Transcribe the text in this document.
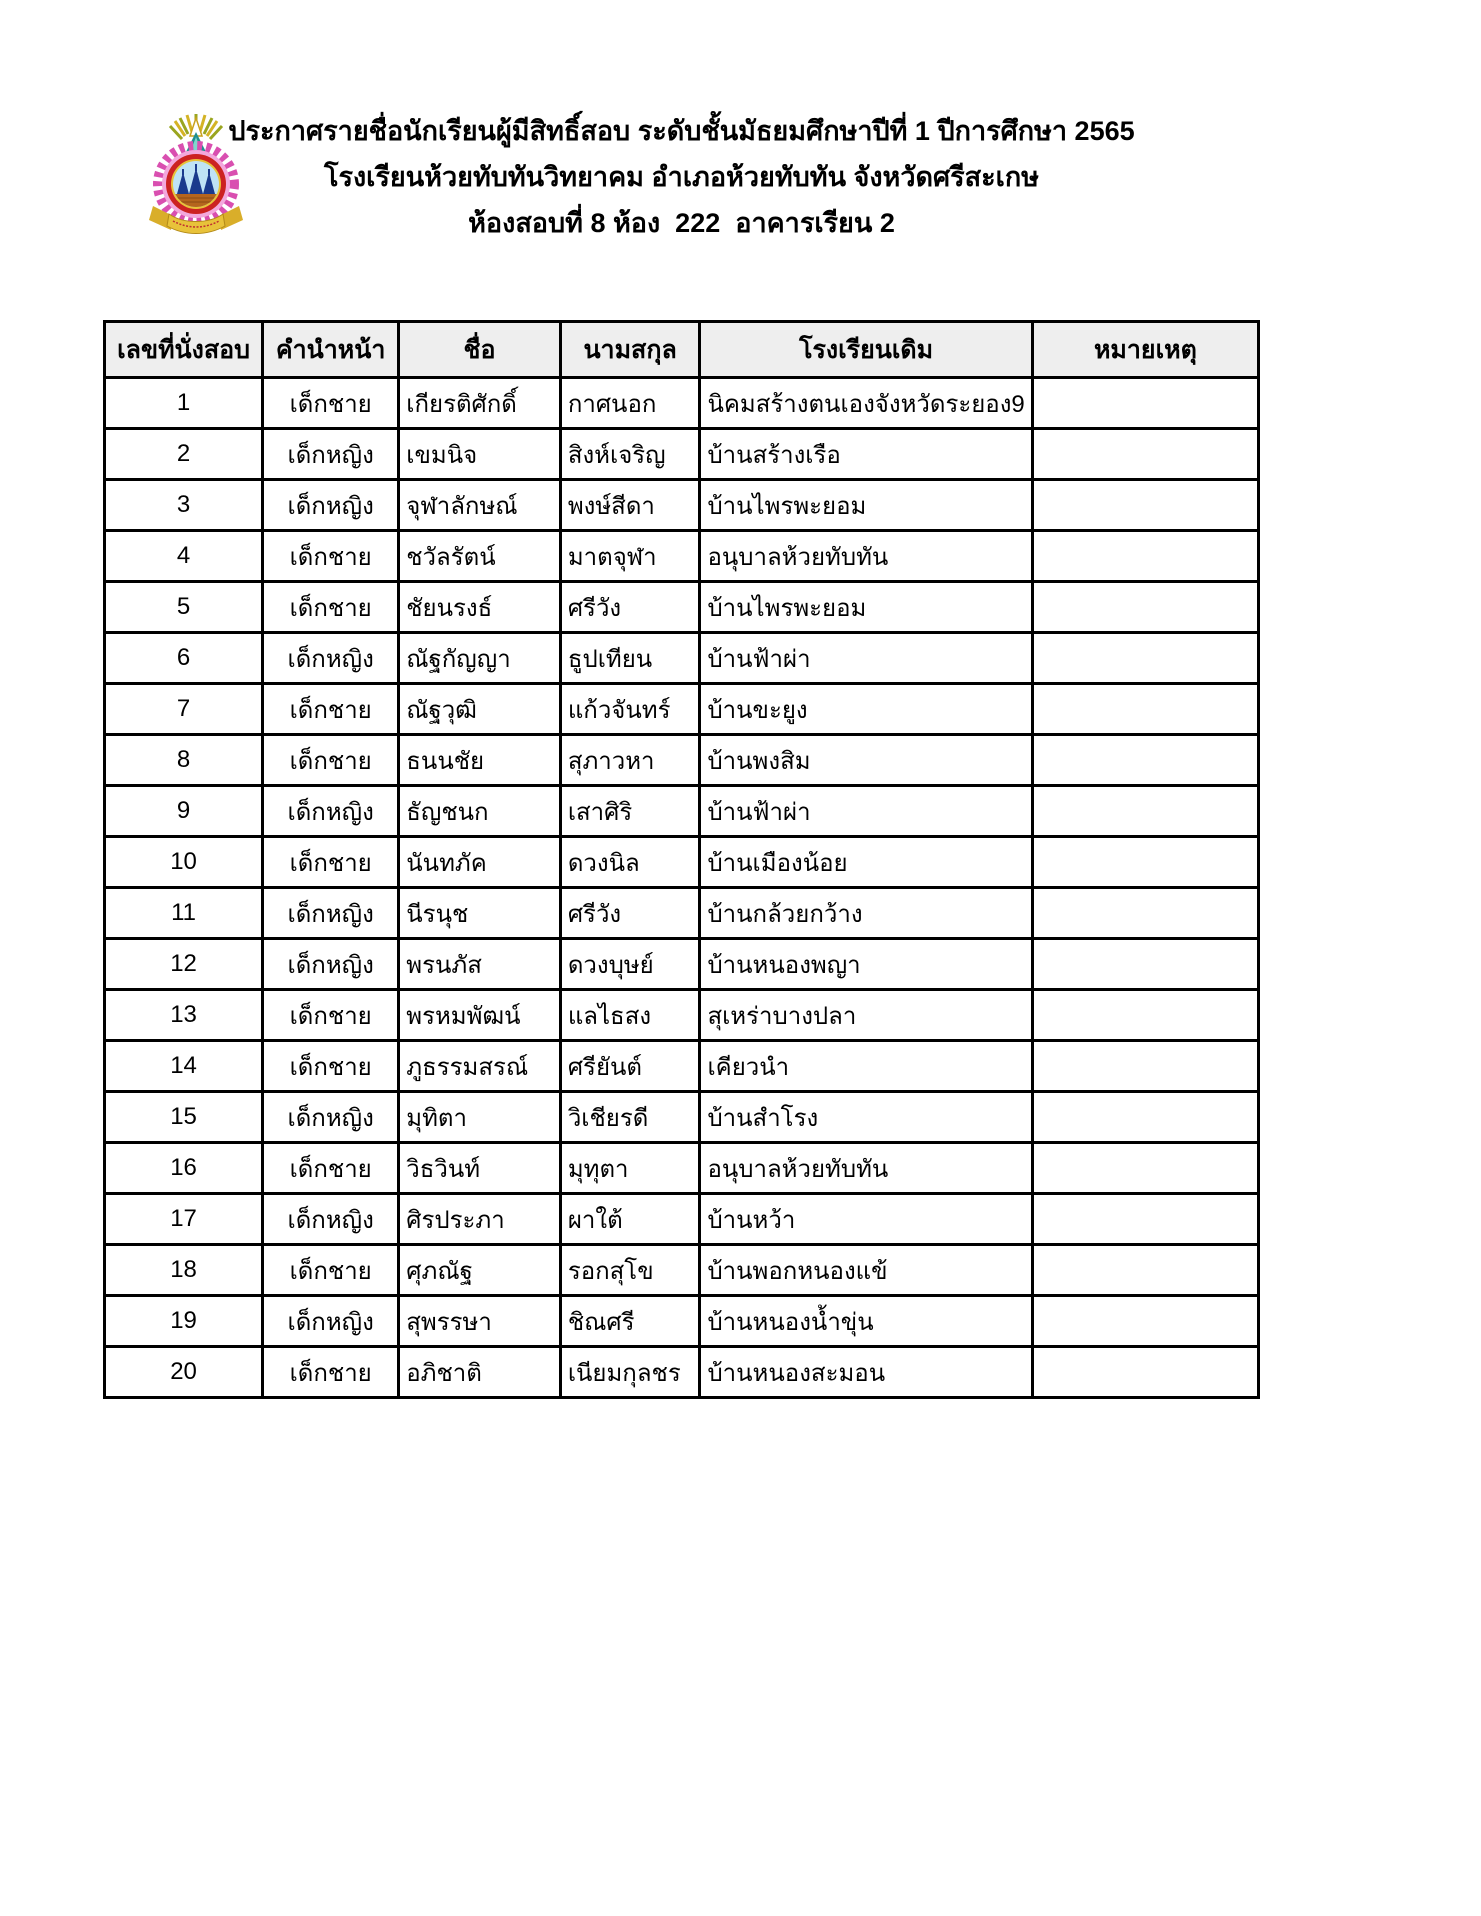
ประกาศรายชื่อนักเรียนผู้มีสิทธิ์สอบ ระดับชั้นมัธยมศึกษาปีที่ 1 ปีการศึกษา 2565
โรงเรียนห้วยทับทันวิทยาคม อำเภอห้วยทับทัน จังหวัดศรีสะเกษ
ห้องสอบที่ 8 ห้อง  222  อาคารเรียน 2
เลขที่นั่งสอบ	คำนำหน้า	ชื่อ	นามสกุล	โรงเรียนเดิม	หมายเหตุ
1	เด็กชาย	เกียรติศักดิ์	กาศนอก	นิคมสร้างตนเองจังหวัดระยอง9	
2	เด็กหญิง	เขมนิจ	สิงห์เจริญ	บ้านสร้างเรือ	
3	เด็กหญิง	จุฬาลักษณ์	พงษ์สีดา	บ้านไพรพะยอม	
4	เด็กชาย	ชวัลรัตน์	มาตจุฬา	อนุบาลห้วยทับทัน	
5	เด็กชาย	ชัยนรงธ์	ศรีวัง	บ้านไพรพะยอม	
6	เด็กหญิง	ณัฐกัญญา	ธูปเทียน	บ้านฟ้าผ่า	
7	เด็กชาย	ณัฐวุฒิ	แก้วจันทร์	บ้านขะยูง	
8	เด็กชาย	ธนนชัย	สุภาวหา	บ้านพงสิม	
9	เด็กหญิง	ธัญชนก	เสาศิริ	บ้านฟ้าผ่า	
10	เด็กชาย	นันทภัค	ดวงนิล	บ้านเมืองน้อย	
11	เด็กหญิง	นีรนุช	ศรีวัง	บ้านกล้วยกว้าง	
12	เด็กหญิง	พรนภัส	ดวงบุษย์	บ้านหนองพญา	
13	เด็กชาย	พรหมพัฒน์	แลไธสง	สุเหร่าบางปลา	
14	เด็กชาย	ภูธรรมสรณ์	ศรียันต์	เคียวนำ	
15	เด็กหญิง	มุทิตา	วิเชียรดี	บ้านสำโรง	
16	เด็กชาย	วิธวินท์	มุทุตา	อนุบาลห้วยทับทัน	
17	เด็กหญิง	ศิรประภา	ผาใต้	บ้านหว้า	
18	เด็กชาย	ศุภณัฐ	รอกสุโข	บ้านพอกหนองแข้	
19	เด็กหญิง	สุพรรษา	ชิณศรี	บ้านหนองน้ำขุ่น	
20	เด็กชาย	อภิชาติ	เนียมกุลชร	บ้านหนองสะมอน	
